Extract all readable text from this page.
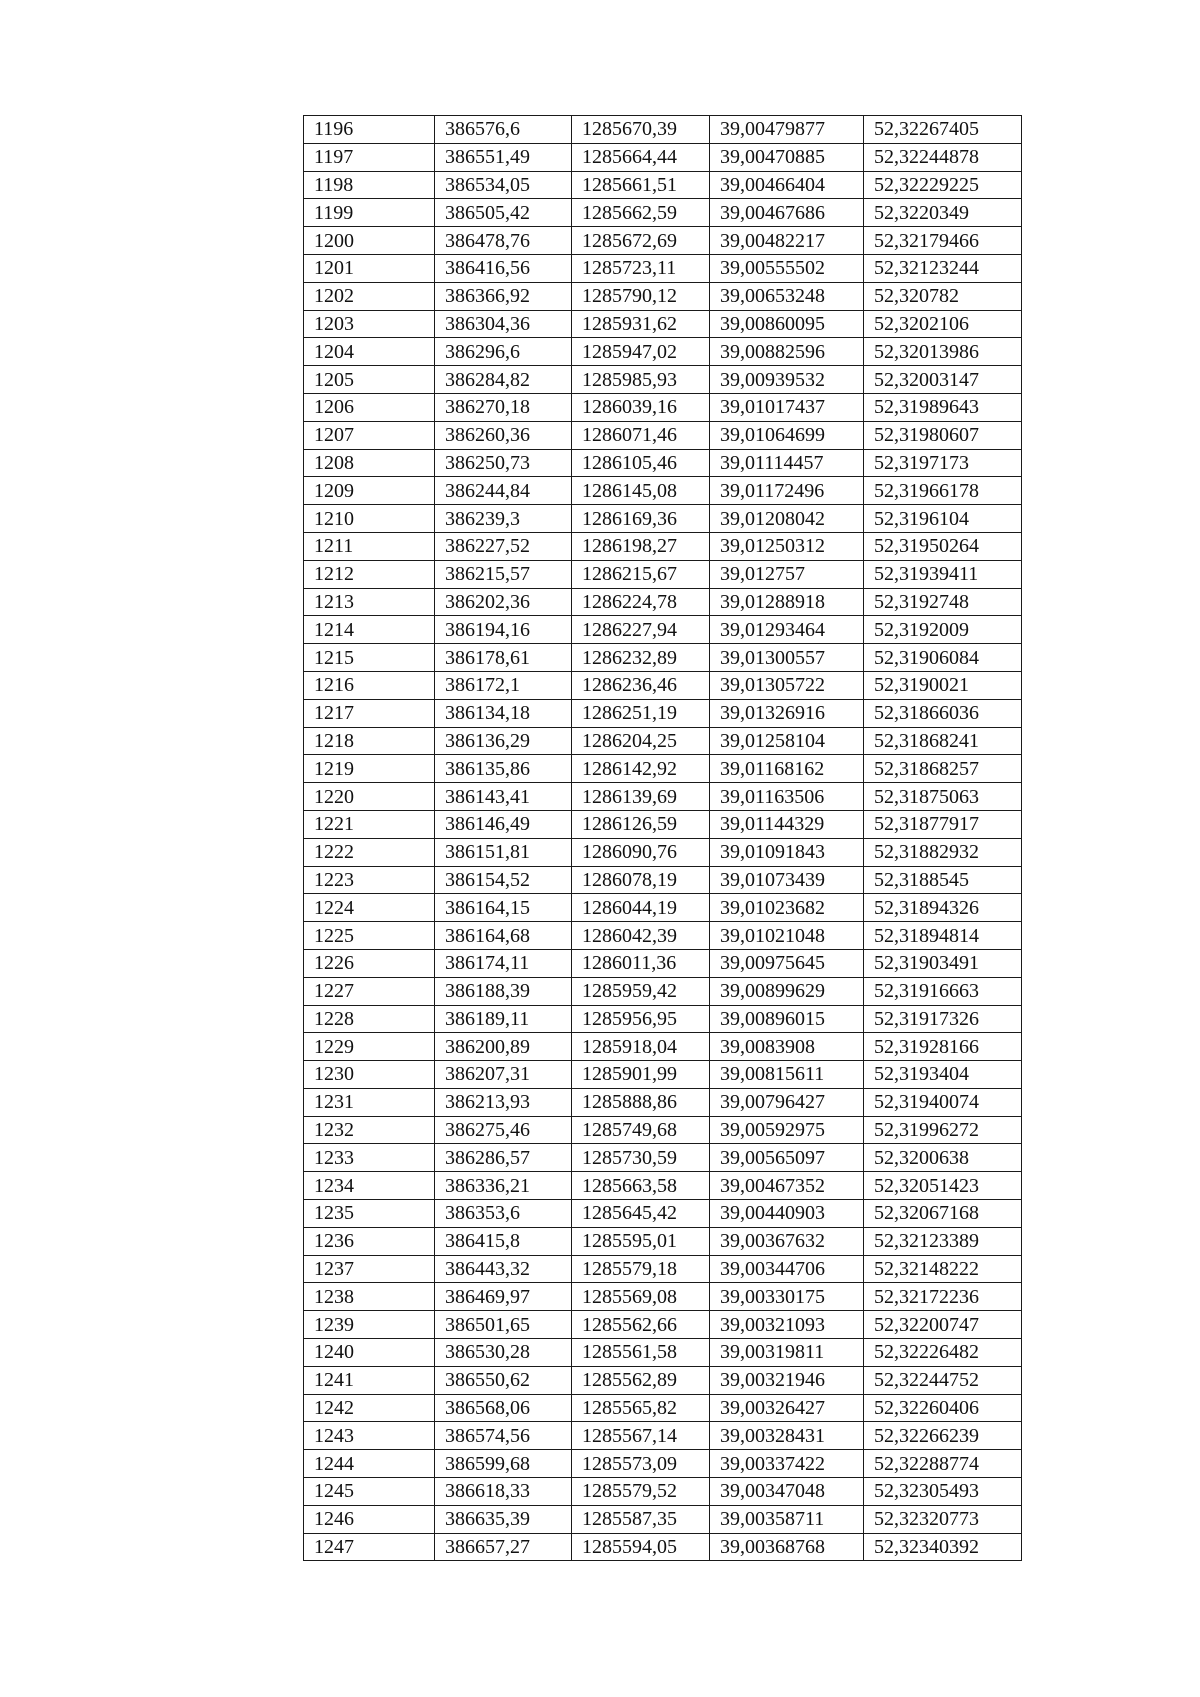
1196	386576,6	1285670,39	39,00479877	52,32267405
1197	386551,49	1285664,44	39,00470885	52,32244878
1198	386534,05	1285661,51	39,00466404	52,32229225
1199	386505,42	1285662,59	39,00467686	52,3220349
1200	386478,76	1285672,69	39,00482217	52,32179466
1201	386416,56	1285723,11	39,00555502	52,32123244
1202	386366,92	1285790,12	39,00653248	52,320782
1203	386304,36	1285931,62	39,00860095	52,3202106
1204	386296,6	1285947,02	39,00882596	52,32013986
1205	386284,82	1285985,93	39,00939532	52,32003147
1206	386270,18	1286039,16	39,01017437	52,31989643
1207	386260,36	1286071,46	39,01064699	52,31980607
1208	386250,73	1286105,46	39,01114457	52,3197173
1209	386244,84	1286145,08	39,01172496	52,31966178
1210	386239,3	1286169,36	39,01208042	52,3196104
1211	386227,52	1286198,27	39,01250312	52,31950264
1212	386215,57	1286215,67	39,012757	52,31939411
1213	386202,36	1286224,78	39,01288918	52,3192748
1214	386194,16	1286227,94	39,01293464	52,3192009
1215	386178,61	1286232,89	39,01300557	52,31906084
1216	386172,1	1286236,46	39,01305722	52,3190021
1217	386134,18	1286251,19	39,01326916	52,31866036
1218	386136,29	1286204,25	39,01258104	52,31868241
1219	386135,86	1286142,92	39,01168162	52,31868257
1220	386143,41	1286139,69	39,01163506	52,31875063
1221	386146,49	1286126,59	39,01144329	52,31877917
1222	386151,81	1286090,76	39,01091843	52,31882932
1223	386154,52	1286078,19	39,01073439	52,3188545
1224	386164,15	1286044,19	39,01023682	52,31894326
1225	386164,68	1286042,39	39,01021048	52,31894814
1226	386174,11	1286011,36	39,00975645	52,31903491
1227	386188,39	1285959,42	39,00899629	52,31916663
1228	386189,11	1285956,95	39,00896015	52,31917326
1229	386200,89	1285918,04	39,0083908	52,31928166
1230	386207,31	1285901,99	39,00815611	52,3193404
1231	386213,93	1285888,86	39,00796427	52,31940074
1232	386275,46	1285749,68	39,00592975	52,31996272
1233	386286,57	1285730,59	39,00565097	52,3200638
1234	386336,21	1285663,58	39,00467352	52,32051423
1235	386353,6	1285645,42	39,00440903	52,32067168
1236	386415,8	1285595,01	39,00367632	52,32123389
1237	386443,32	1285579,18	39,00344706	52,32148222
1238	386469,97	1285569,08	39,00330175	52,32172236
1239	386501,65	1285562,66	39,00321093	52,32200747
1240	386530,28	1285561,58	39,00319811	52,32226482
1241	386550,62	1285562,89	39,00321946	52,32244752
1242	386568,06	1285565,82	39,00326427	52,32260406
1243	386574,56	1285567,14	39,00328431	52,32266239
1244	386599,68	1285573,09	39,00337422	52,32288774
1245	386618,33	1285579,52	39,00347048	52,32305493
1246	386635,39	1285587,35	39,00358711	52,32320773
1247	386657,27	1285594,05	39,00368768	52,32340392
